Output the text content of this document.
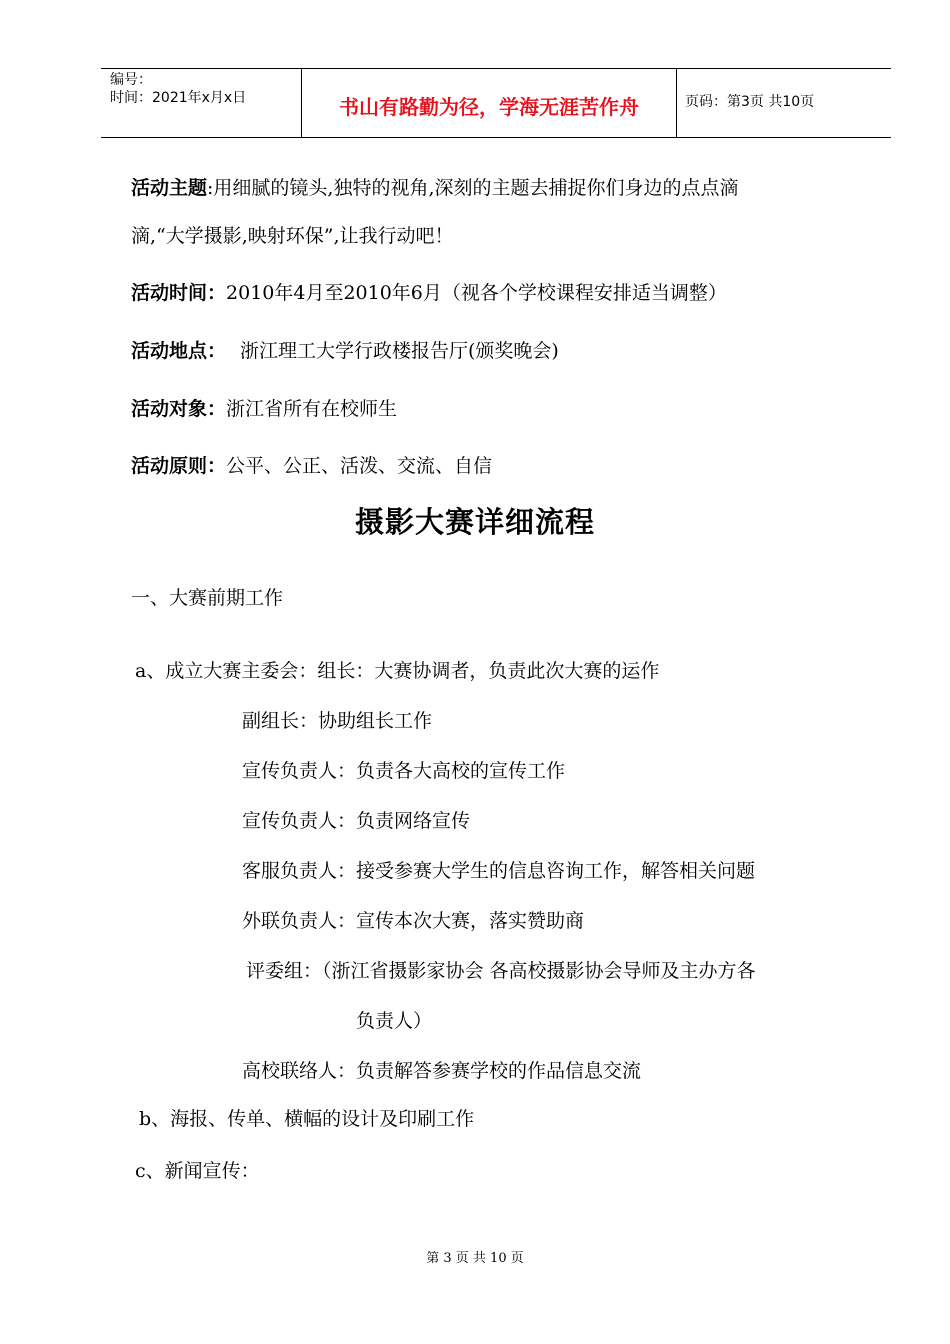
编号：
时间：2021年x月x日	书山有路勤为径，学海无涯苦作舟	页码：第3页 共10页
活动主题:用细腻的镜头,独特的视角,深刻的主题去捕捉你们身边的点点滴
滴,“大学摄影,映射环保”,让我行动吧！
活动时间：2010年4月至2010年6月（视各个学校课程安排适当调整）
活动地点： 浙江理工大学行政楼报告厅(颁奖晚会)
活动对象：浙江省所有在校师生
活动原则：公平、公正、活泼、交流、自信
摄影大赛详细流程
一、大赛前期工作
a、成立大赛主委会：组长：大赛协调者，负责此次大赛的运作
副组长：协助组长工作
宣传负责人：负责各大高校的宣传工作
宣传负责人：负责网络宣传
客服负责人：接受参赛大学生的信息咨询工作，解答相关问题
外联负责人：宣传本次大赛，落实赞助商
评委组：（浙江省摄影家协会 各高校摄影协会导师及主办方各
负责人）
高校联络人：负责解答参赛学校的作品信息交流
b、海报、传单、横幅的设计及印刷工作
c、新闻宣传：
第 3 页 共 10 页
